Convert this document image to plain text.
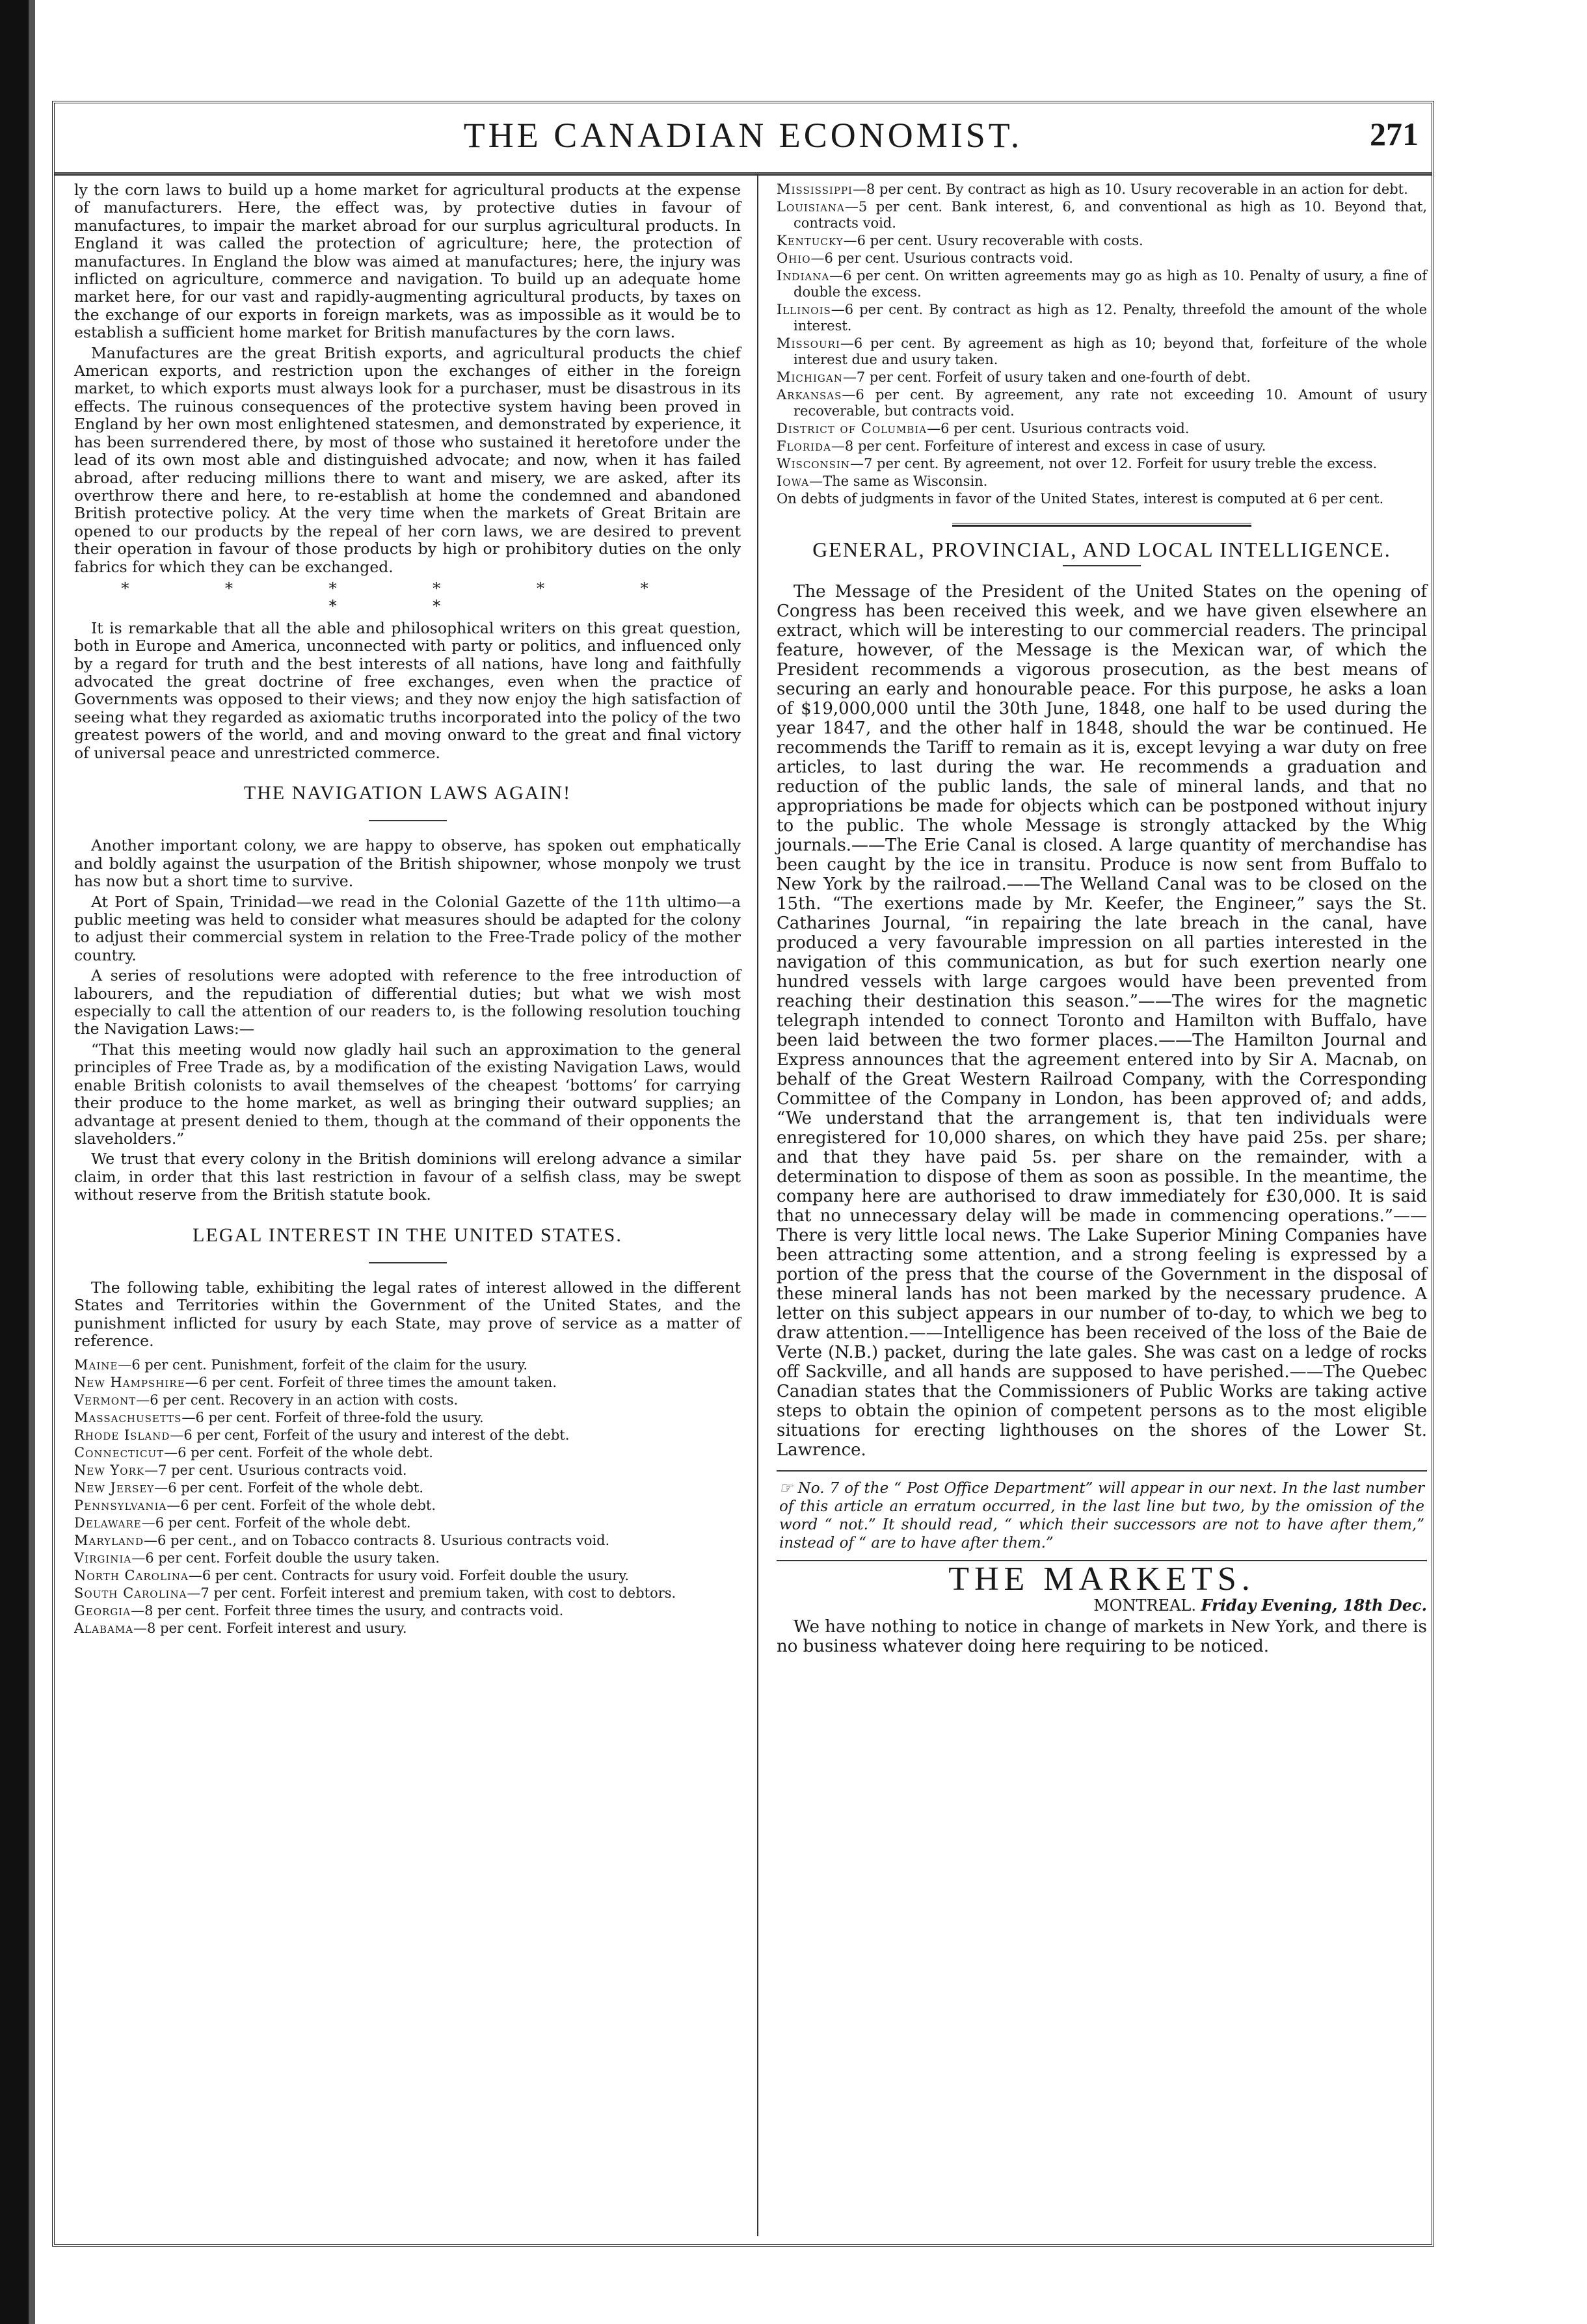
THE CANADIAN ECONOMIST.	271

ly the corn laws to build up a home market for agricultural products at the expense of manufacturers. Here, the effect was, by protective duties in favour of manufactures, to impair the market abroad for our surplus agricultural products. In England it was called the protection of agriculture; here, the protection of manufactures. In England the blow was aimed at manufactures; here, the injury was inflicted on agriculture, commerce and navigation. To build up an adequate home market here, for our vast and rapidly-augmenting agricultural products, by taxes on the exchange of our exports in foreign markets, was as impossible as it would be to establish a sufficient home market for British manufactures by the corn laws.

Manufactures are the great British exports, and agricultural products the chief American exports, and restriction upon the exchanges of either in the foreign market, to which exports must always look for a purchaser, must be disastrous in its effects. The ruinous consequences of the protective system having been proved in England by her own most enlightened statesmen, and demonstrated by experience, it has been surrendered there, by most of those who sustained it heretofore under the lead of its own most able and distinguished advocate; and now, when it has failed abroad, after reducing millions there to want and misery, we are asked, after its overthrow there and here, to re-establish at home the condemned and abandoned British protective policy. At the very time when the markets of Great Britain are opened to our products by the repeal of her corn laws, we are desired to prevent their operation in favour of those products by high or prohibitory duties on the only fabrics for which they can be exchanged.

* * * * * * * *

It is remarkable that all the able and philosophical writers on this great question, both in Europe and America, unconnected with party or politics, and influenced only by a regard for truth and the best interests of all nations, have long and faithfully advocated the great doctrine of free exchanges, even when the practice of Governments was opposed to their views; and they now enjoy the high satisfaction of seeing what they regarded as axiomatic truths incorporated into the policy of the two greatest powers of the world, and and moving onward to the great and final victory of universal peace and unrestricted commerce.

THE NAVIGATION LAWS AGAIN!

Another important colony, we are happy to observe, has spoken out emphatically and boldly against the usurpation of the British shipowner, whose monpoly we trust has now but a short time to survive.

At Port of Spain, Trinidad—we read in the Colonial Gazette of the 11th ultimo—a public meeting was held to consider what measures should be adapted for the colony to adjust their commercial system in relation to the Free-Trade policy of the mother country.

A series of resolutions were adopted with reference to the free introduction of labourers, and the repudiation of differential duties; but what we wish most especially to call the attention of our readers to, is the following resolution touching the Navigation Laws:—

“That this meeting would now gladly hail such an approximation to the general principles of Free Trade as, by a modification of the existing Navigation Laws, would enable British colonists to avail themselves of the cheapest ‘bottoms’ for carrying their produce to the home market, as well as bringing their outward supplies; an advantage at present denied to them, though at the command of their opponents the slaveholders.”

We trust that every colony in the British dominions will erelong advance a similar claim, in order that this last restriction in favour of a selfish class, may be swept without reserve from the British statute book.

LEGAL INTEREST IN THE UNITED STATES.

The following table, exhibiting the legal rates of interest allowed in the different States and Territories within the Government of the United States, and the punishment inflicted for usury by each State, may prove of service as a matter of reference.

Maine—6 per cent. Punishment, forfeit of the claim for the usury.
New Hampshire—6 per cent. Forfeit of three times the amount taken.
Vermont—6 per cent. Recovery in an action with costs.
Massachusetts—6 per cent. Forfeit of three-fold the usury.
Rhode Island—6 per cent, Forfeit of the usury and interest of the debt.
Connecticut—6 per cent. Forfeit of the whole debt.
New York—7 per cent. Usurious contracts void.
New Jersey—6 per cent. Forfeit of the whole debt.
Pennsylvania—6 per cent. Forfeit of the whole debt.
Delaware—6 per cent. Forfeit of the whole debt.
Maryland—6 per cent., and on Tobacco contracts 8. Usurious contracts void.
Virginia—6 per cent. Forfeit double the usury taken.
North Carolina—6 per cent. Contracts for usury void. Forfeit double the usury.
South Carolina—7 per cent. Forfeit interest and premium taken, with cost to debtors.
Georgia—8 per cent. Forfeit three times the usury, and contracts void.
Alabama—8 per cent. Forfeit interest and usury.
Mississippi—8 per cent. By contract as high as 10. Usury recoverable in an action for debt.
Louisiana—5 per cent. Bank interest, 6, and conventional as high as 10. Beyond that, contracts void.
Kentucky—6 per cent. Usury recoverable with costs.
Ohio—6 per cent. Usurious contracts void.
Indiana—6 per cent. On written agreements may go as high as 10. Penalty of usury, a fine of double the excess.
Illinois—6 per cent. By contract as high as 12. Penalty, threefold the amount of the whole interest.
Missouri—6 per cent. By agreement as high as 10; beyond that, forfeiture of the whole interest due and usury taken.
Michigan—7 per cent. Forfeit of usury taken and one-fourth of debt.
Arkansas—6 per cent. By agreement, any rate not exceeding 10. Amount of usury recoverable, but contracts void.
District of Columbia—6 per cent. Usurious contracts void.
Florida—8 per cent. Forfeiture of interest and excess in case of usury.
Wisconsin—7 per cent. By agreement, not over 12. Forfeit for usury treble the excess.
Iowa—The same as Wisconsin.
On debts of judgments in favor of the United States, interest is computed at 6 per cent.
GENERAL, PROVINCIAL, AND LOCAL INTELLIGENCE.

The Message of the President of the United States on the opening of Congress has been received this week, and we have given elsewhere an extract, which will be interesting to our commercial readers. The principal feature, however, of the Message is the Mexican war, of which the President recommends a vigorous prosecution, as the best means of securing an early and honourable peace. For this purpose, he asks a loan of $19,000,000 until the 30th June, 1848, one half to be used during the year 1847, and the other half in 1848, should the war be continued. He recommends the Tariff to remain as it is, except levying a war duty on free articles, to last during the war. He recommends a graduation and reduction of the public lands, the sale of mineral lands, and that no appropriations be made for objects which can be postponed without injury to the public. The whole Message is strongly attacked by the Whig journals.——The Erie Canal is closed. A large quantity of merchandise has been caught by the ice in transitu. Produce is now sent from Buffalo to New York by the railroad.——The Welland Canal was to be closed on the 15th. “The exertions made by Mr. Keefer, the Engineer,” says the St. Catharines Journal, “in repairing the late breach in the canal, have produced a very favourable impression on all parties interested in the navigation of this communication, as but for such exertion nearly one hundred vessels with large cargoes would have been prevented from reaching their destination this season.”——The wires for the magnetic telegraph intended to connect Toronto and Hamilton with Buffalo, have been laid between the two former places.——The Hamilton Journal and Express announces that the agreement entered into by Sir A. Macnab, on behalf of the Great Western Railroad Company, with the Corresponding Committee of the Company in London, has been approved of; and adds, “We understand that the arrangement is, that ten individuals were enregistered for 10,000 shares, on which they have paid 25s. per share; and that they have paid 5s. per share on the remainder, with a determination to dispose of them as soon as possible. In the meantime, the company here are authorised to draw immediately for £30,000. It is said that no unnecessary delay will be made in commencing operations.”——There is very little local news. The Lake Superior Mining Companies have been attracting some attention, and a strong feeling is expressed by a portion of the press that the course of the Government in the disposal of these mineral lands has not been marked by the necessary prudence. A letter on this subject appears in our number of to-day, to which we beg to draw attention.——Intelligence has been received of the loss of the Baie de Verte (N.B.) packet, during the late gales. She was cast on a ledge of rocks off Sackville, and all hands are supposed to have perished.——The Quebec Canadian states that the Commissioners of Public Works are taking active steps to obtain the opinion of competent persons as to the most eligible situations for erecting lighthouses on the shores of the Lower St. Lawrence.

☞ No. 7 of the “ Post Office Department” will appear in our next. In the last number of this article an erratum occurred, in the last line but two, by the omission of the word “ not.” It should read, “ which their successors are not to have after them,” instead of “ are to have after them.”
THE MARKETS.
MONTREAL. Friday Evening, 18th Dec.

We have nothing to notice in change of markets in New York, and there is no business whatever doing here requiring to be noticed.
